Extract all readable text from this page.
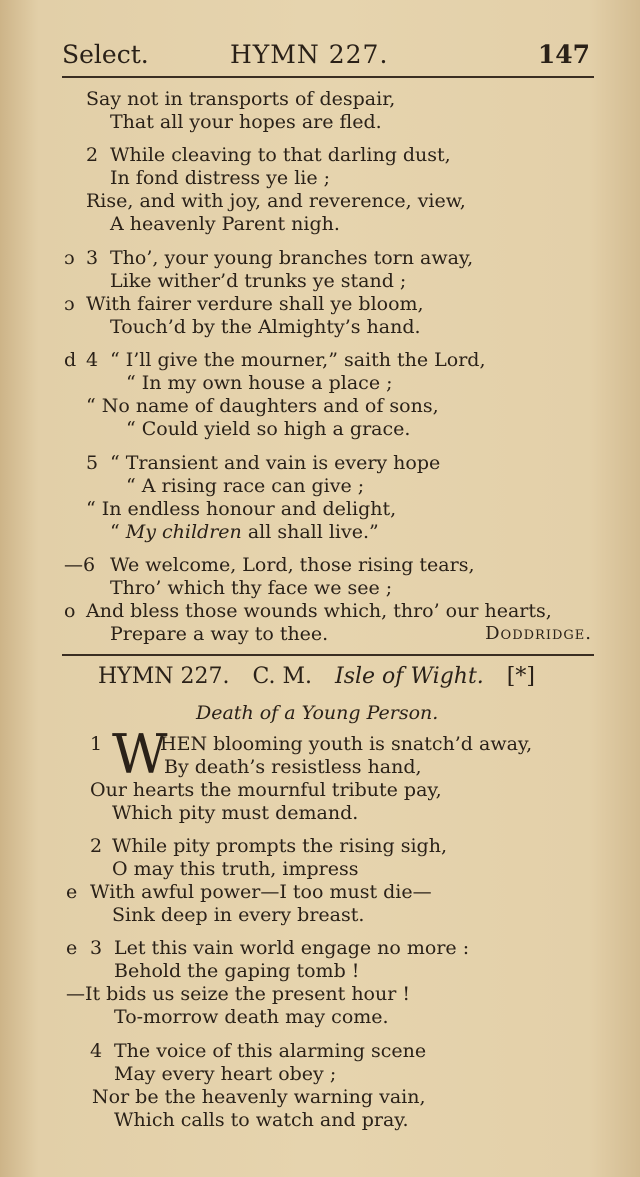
Select.	HYMN 227.	147
Say not in transports of despair,
That all your hopes are fled.
2 While cleaving to that darling dust,
In fond distress ye lie ;
Rise, and with joy, and reverence, view,
A heavenly Parent nigh.
ɔ 3 Tho’, your young branches torn away,
Like wither’d trunks ye stand ;
ɔ With fairer verdure shall ye bloom,
Touch’d by the Almighty’s hand.
d 4 “ I’ll give the mourner,” saith the Lord,
“ In my own house a place ;
“ No name of daughters and of sons,
“ Could yield so high a grace.
5 “ Transient and vain is every hope
“ A rising race can give ;
“ In endless honour and delight,
“ My children all shall live.”
—6 We welcome, Lord, those rising tears,
Thro’ which thy face we see ;
o And bless those wounds which, thro’ our hearts,
Prepare a way to thee.	Doddridge.
HYMN 227. C. M. Isle of Wight. [*]
Death of a Young Person.
1 W
HEN blooming youth is snatch’d away,
By death’s resistless hand,
Our hearts the mournful tribute pay,
Which pity must demand.
2 While pity prompts the rising sigh,
O may this truth, impress
e With awful power—I too must die—
Sink deep in every breast.
e 3 Let this vain world engage no more :
Behold the gaping tomb !
—It bids us seize the present hour !
To-morrow death may come.
4 The voice of this alarming scene
May every heart obey ;
Nor be the heavenly warning vain,
Which calls to watch and pray.
